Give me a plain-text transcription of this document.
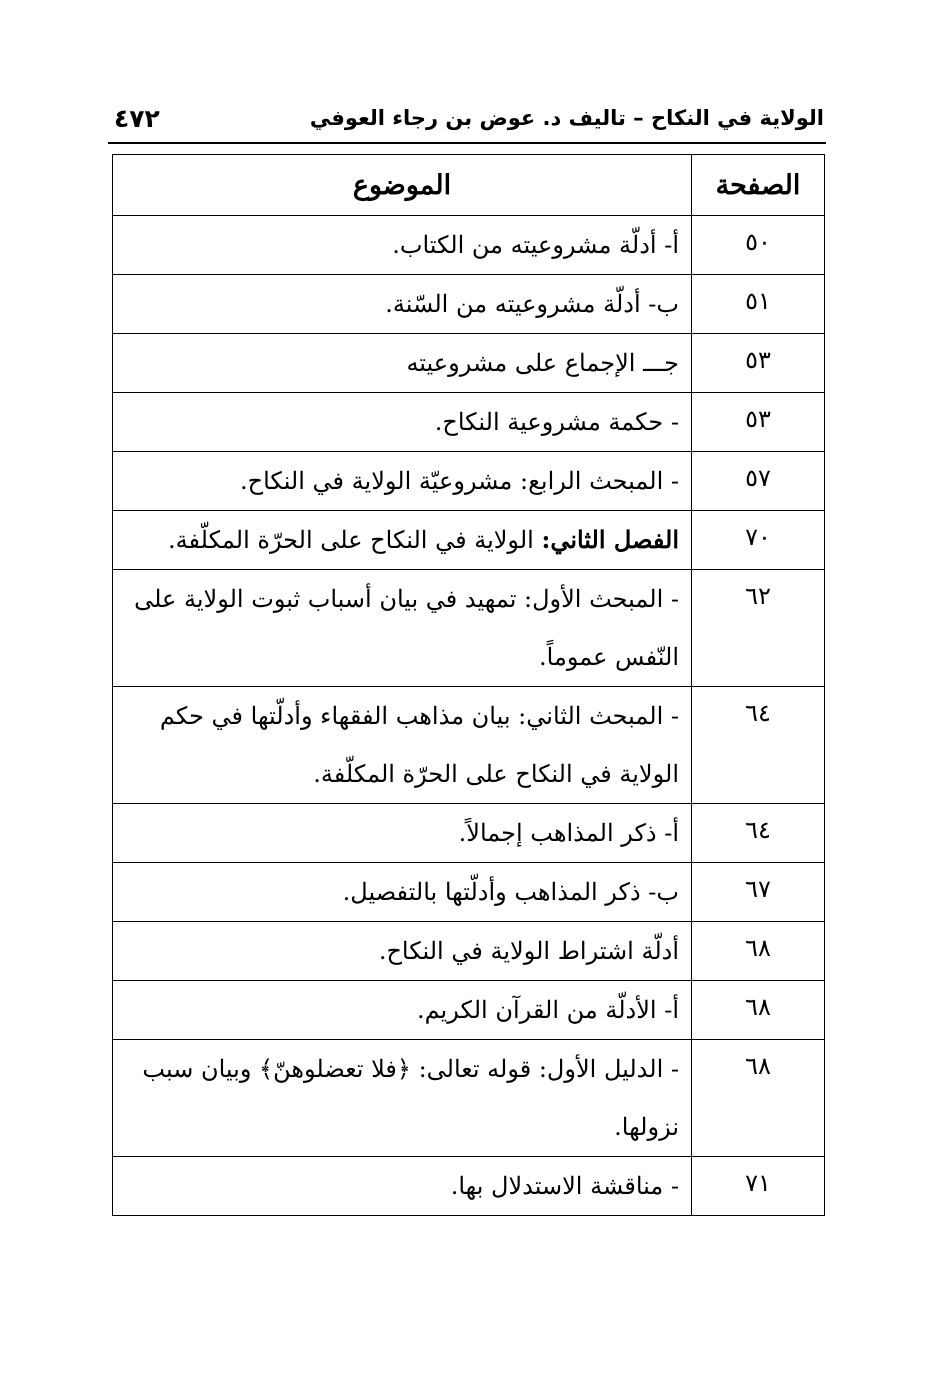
الولاية في النكاح – تاليف د. عوض بن رجاء العوفي
٤٧٢
الصفحة	الموضوع
٥٠	أ- أدلّة مشروعيته من الكتاب.
٥١	ب- أدلّة مشروعيته من السّنة.
٥٣	جـــ الإجماع على مشروعيته
٥٣	- حكمة مشروعية النكاح.
٥٧	- المبحث الرابع: مشروعيّة الولاية في النكاح.
٧٠	الفصل الثاني: الولاية في النكاح على الحرّة المكلّفة.
٦٢	- المبحث الأول: تمهيد في بيان أسباب ثبوت الولاية على النّفس عموماً.
٦٤	- المبحث الثاني: بيان مذاهب الفقهاء وأدلّتها في حكم الولاية في النكاح على الحرّة المكلّفة.
٦٤	أ- ذكر المذاهب إجمالاً.
٦٧	ب- ذكر المذاهب وأدلّتها بالتفصيل.
٦٨	أدلّة اشتراط الولاية في النكاح.
٦٨	أ- الأدلّة من القرآن الكريم.
٦٨	- الدليل الأول: قوله تعالى: ﴿فلا تعضلوهنّ﴾ وبيان سبب نزولها.
٧١	- مناقشة الاستدلال بها.
